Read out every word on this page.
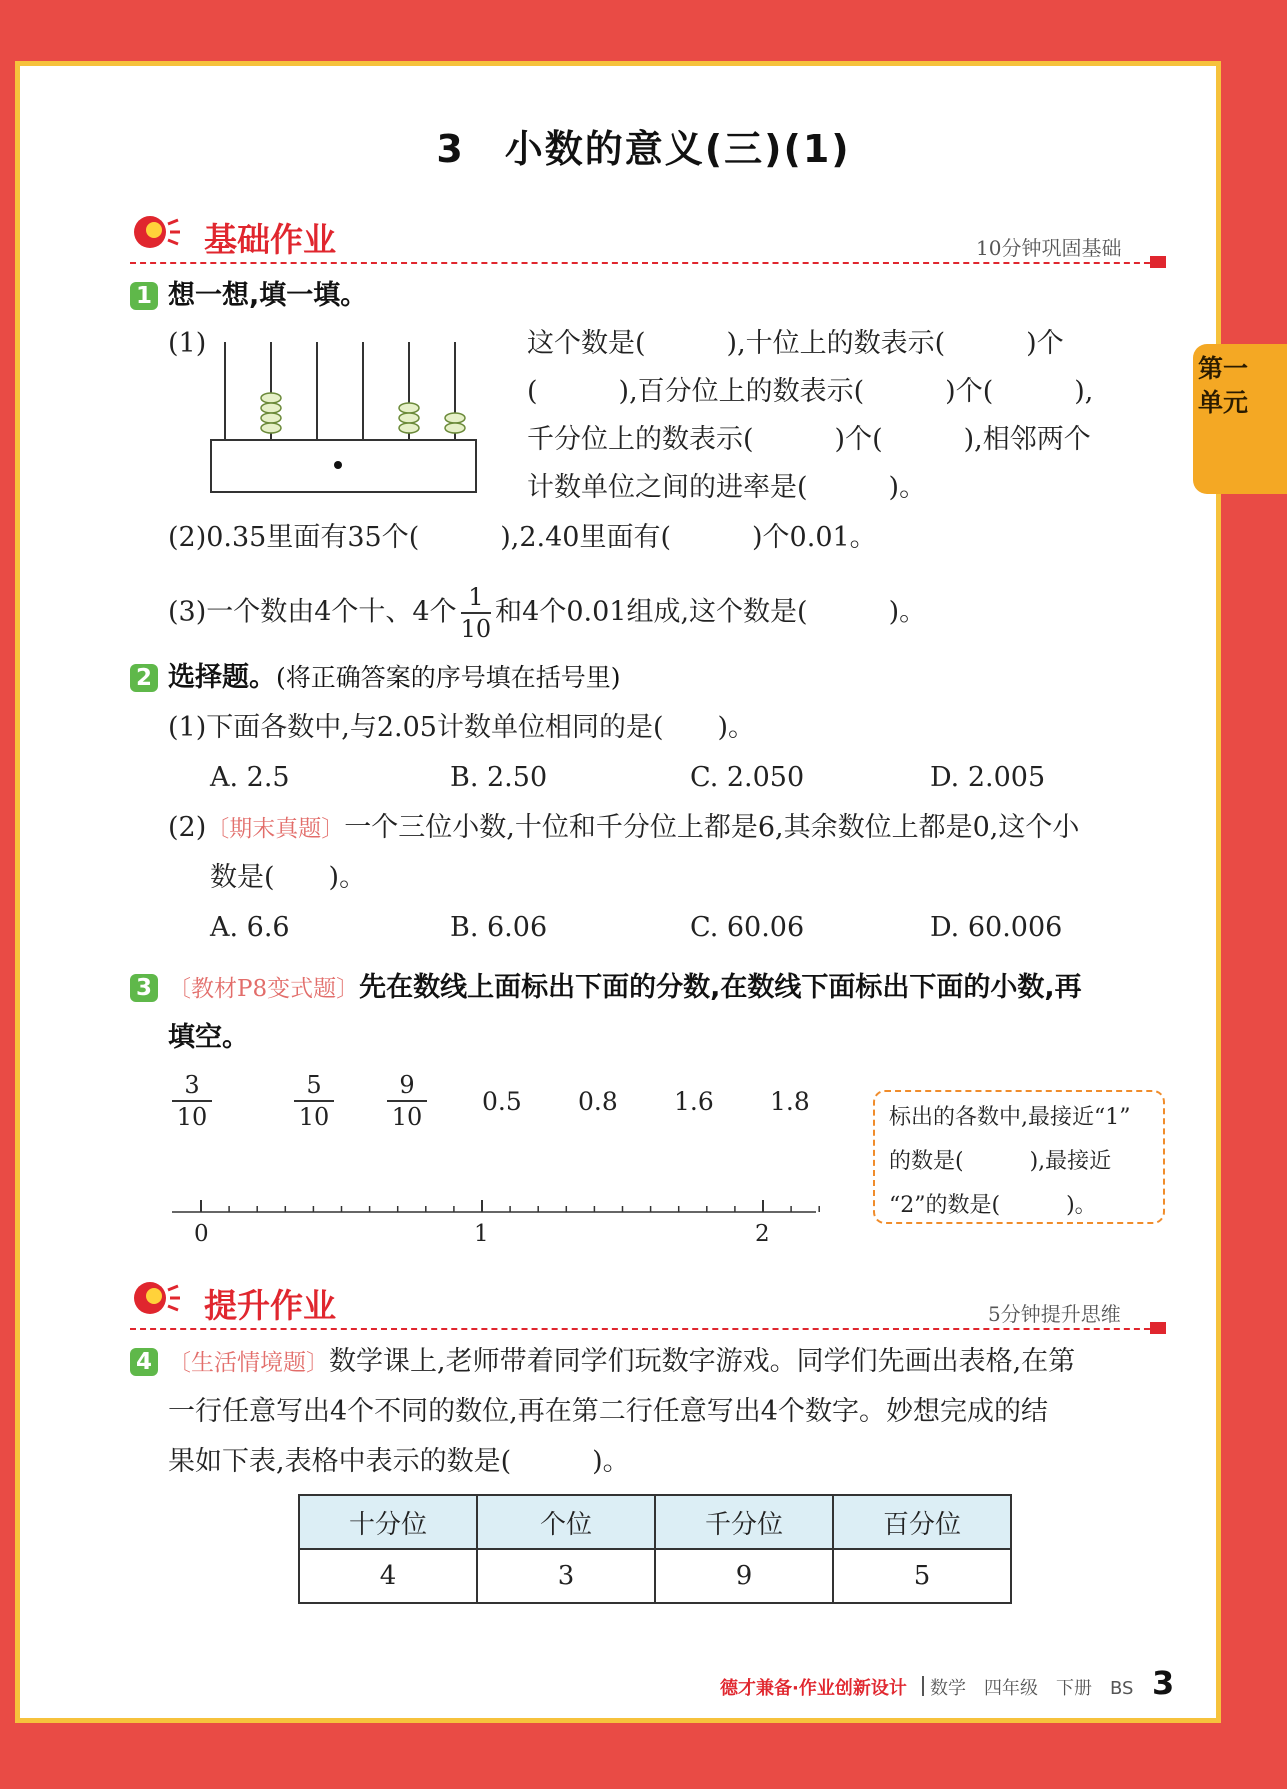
3　小数的意义(三)(1)
第一单元
基础作业	10分钟巩固基础
1 想一想,填一填。
(1)	这个数是(　　　),十位上的数表示(　　　)个
(　　　),百分位上的数表示(　　　)个(　　　),
千分位上的数表示(　　　)个(　　　),相邻两个
计数单位之间的进率是(　　　)。
(2)0.35里面有35个(　　　),2.40里面有(　　　)个0.01。
(3)一个数由4个十、4个 $\frac{1}{10}$ 和4个0.01组成,这个数是(　　　)。
2 选择题。(将正确答案的序号填在括号里)
(1)下面各数中,与2.05计数单位相同的是(　　)。
A. 2.5	B. 2.50	C. 2.050	D. 2.005
(2)〔期末真题〕一个三位小数,十位和千分位上都是6,其余数位上都是0,这个小
数是(　　)。
A. 6.6	B. 6.06	C. 60.06	D. 60.006
3 〔教材P8变式题〕先在数线上面标出下面的分数,在数线下面标出下面的小数,再
填空。
$\frac{3}{10}$	$\frac{5}{10} \frac{9}{10} 0.5$ 0.8 1.6 1.8
0	1	2
标出的各数中,最接近“1”
的数是(　　　),最接近
“2”的数是(　　　)。
提升作业	5分钟提升思维
4 〔生活情境题〕数学课上,老师带着同学们玩数字游戏。同学们先画出表格,在第
一行任意写出4个不同的数位,再在第二行任意写出4个数字。妙想完成的结
果如下表,表格中表示的数是(　　　)。
十分位	个位	千分位	百分位
4	3	9	5
德才兼备·作业创新设计 数学　四年级　下册　BS 3
